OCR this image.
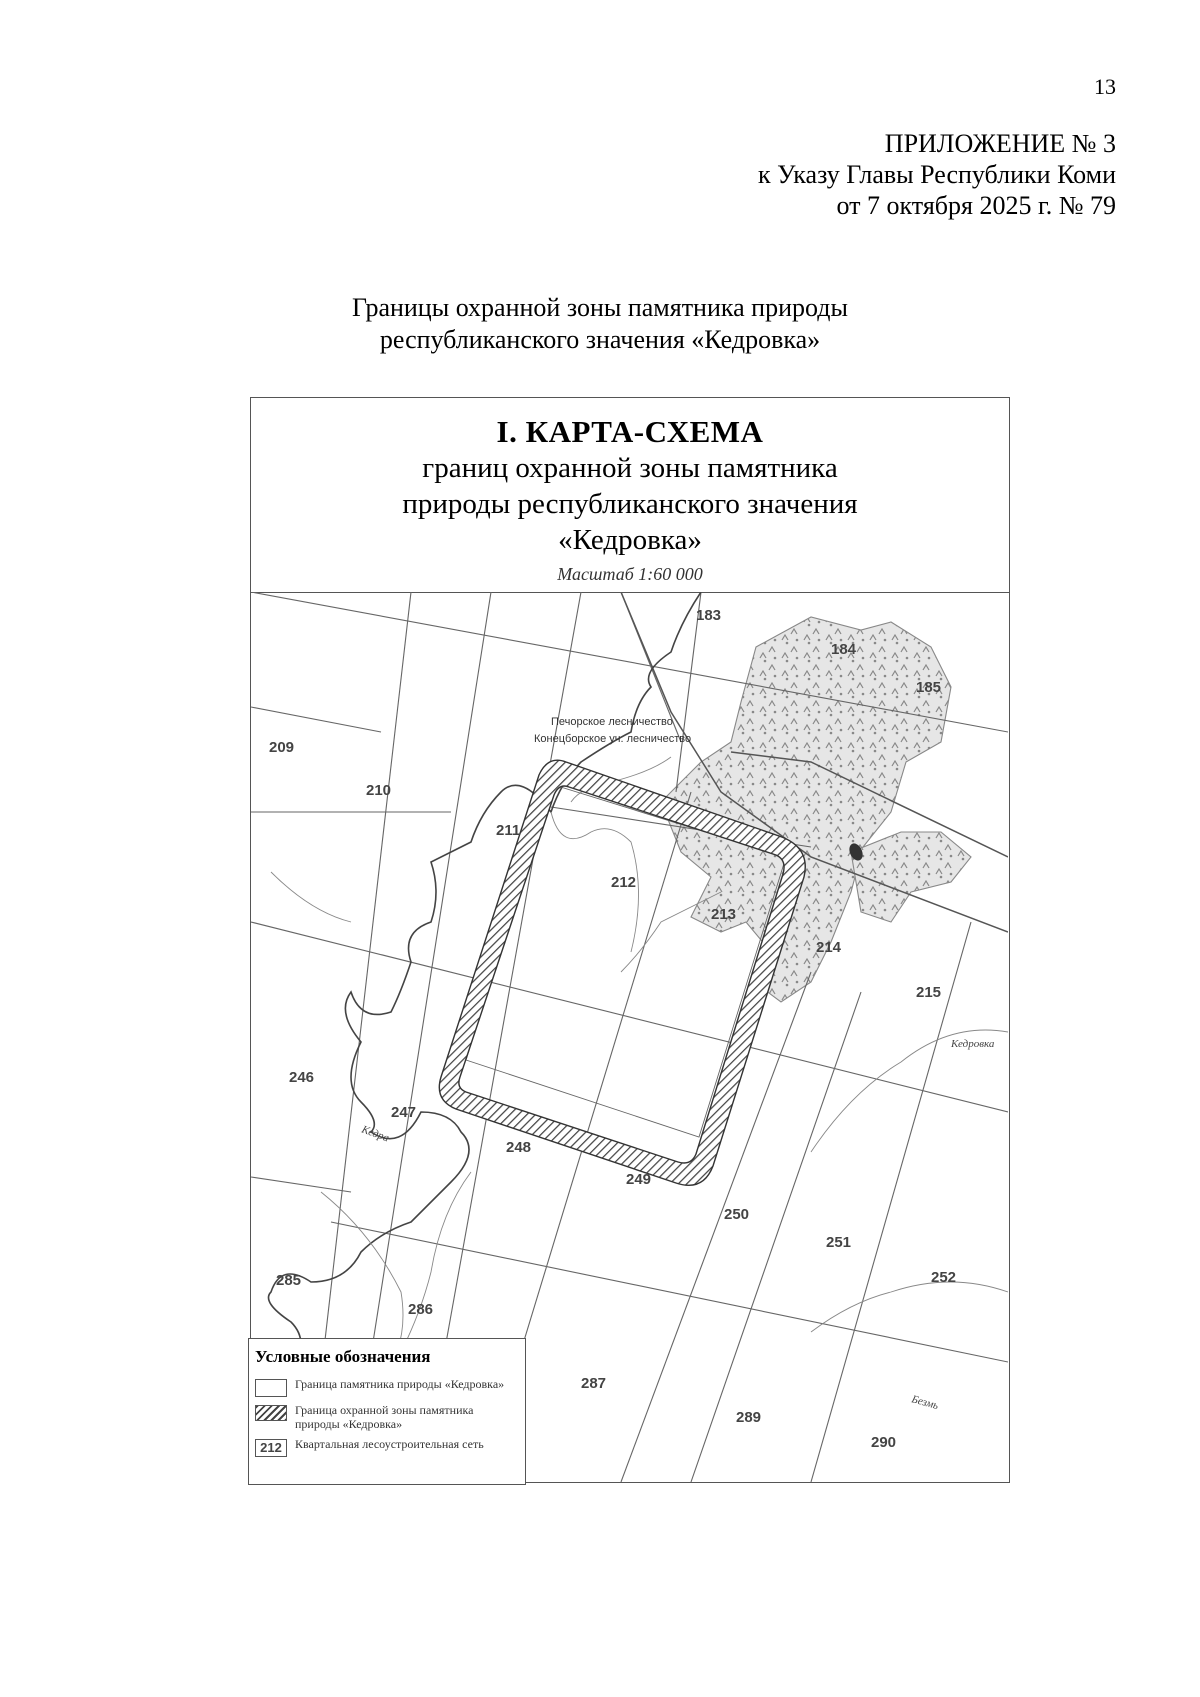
13
ПРИЛОЖЕНИЕ № 3
к Указу Главы Республики Коми
от 7 октября 2025 г. № 79
Границы охранной зоны памятника природы
республиканского значения «Кедровка»
I. КАРТА-СХЕМА
границ охранной зоны памятника
природы республиканского значения
«Кедровка»
Масштаб 1:60 000
Печорское лесничество
Конецборское уч. лесничество
Кедра
Кедровка
Безмь
183
184
185
209
210
211
212
213
214
215
246
247
248
249
250
251
252
285
286
287
289
290
Условные обозначения
Граница памятника природы «Кедровка»
Граница охранной зоны памятника природы «Кедровка»
212	Квартальная лесоустроительная сеть
